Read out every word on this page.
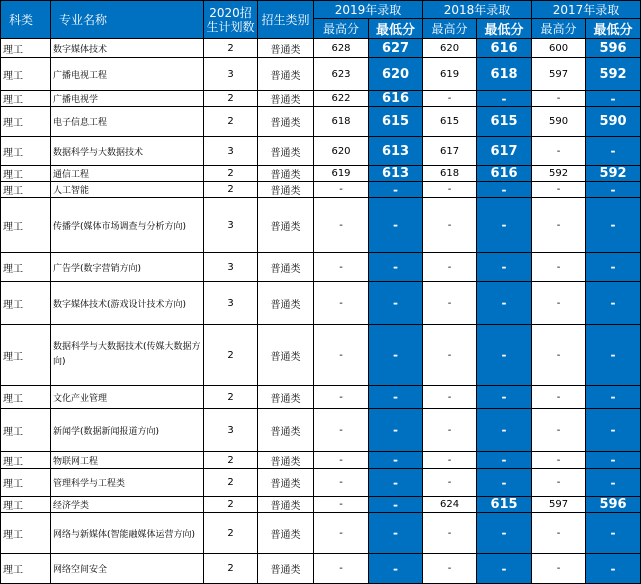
科类	专业名称	2020招生计划数	招生类别	2019年录取		2018年录取		2017年录取	
				最高分	最低分	最高分	最低分	最高分	最低分
理工	数字媒体技术	2	普通类	628	627	620	616	600	596
理工	广播电视工程	3	普通类	623	620	619	618	597	592
理工	广播电视学	2	普通类	622	616	-	-	-	-
理工	电子信息工程	2	普通类	618	615	615	615	590	590
理工	数据科学与大数据技术	3	普通类	620	613	617	617	-	-
理工	通信工程	2	普通类	619	613	618	616	592	592
理工	人工智能	2	普通类	-	-	-	-	-	-
理工	传播学(媒体市场调查与分析方向)	3	普通类	-	-	-	-	-	-
理工	广告学(数字营销方向)	3	普通类	-	-	-	-	-	-
理工	数字媒体技术(游戏设计技术方向)	3	普通类	-	-	-	-	-	-
理工	数据科学与大数据技术(传媒大数据方向)	2	普通类	-	-	-	-	-	-
理工	文化产业管理	2	普通类	-	-	-	-	-	-
理工	新闻学(数据新闻报道方向)	3	普通类	-	-	-	-	-	-
理工	物联网工程	2	普通类	-	-	-	-	-	-
理工	管理科学与工程类	2	普通类	-	-	-	-	-	-
理工	经济学类	2	普通类	-	-	624	615	597	596
理工	网络与新媒体(智能融媒体运营方向)	2	普通类	-	-	-	-	-	-
理工	网络空间安全	2	普通类	-	-	-	-	-	-
